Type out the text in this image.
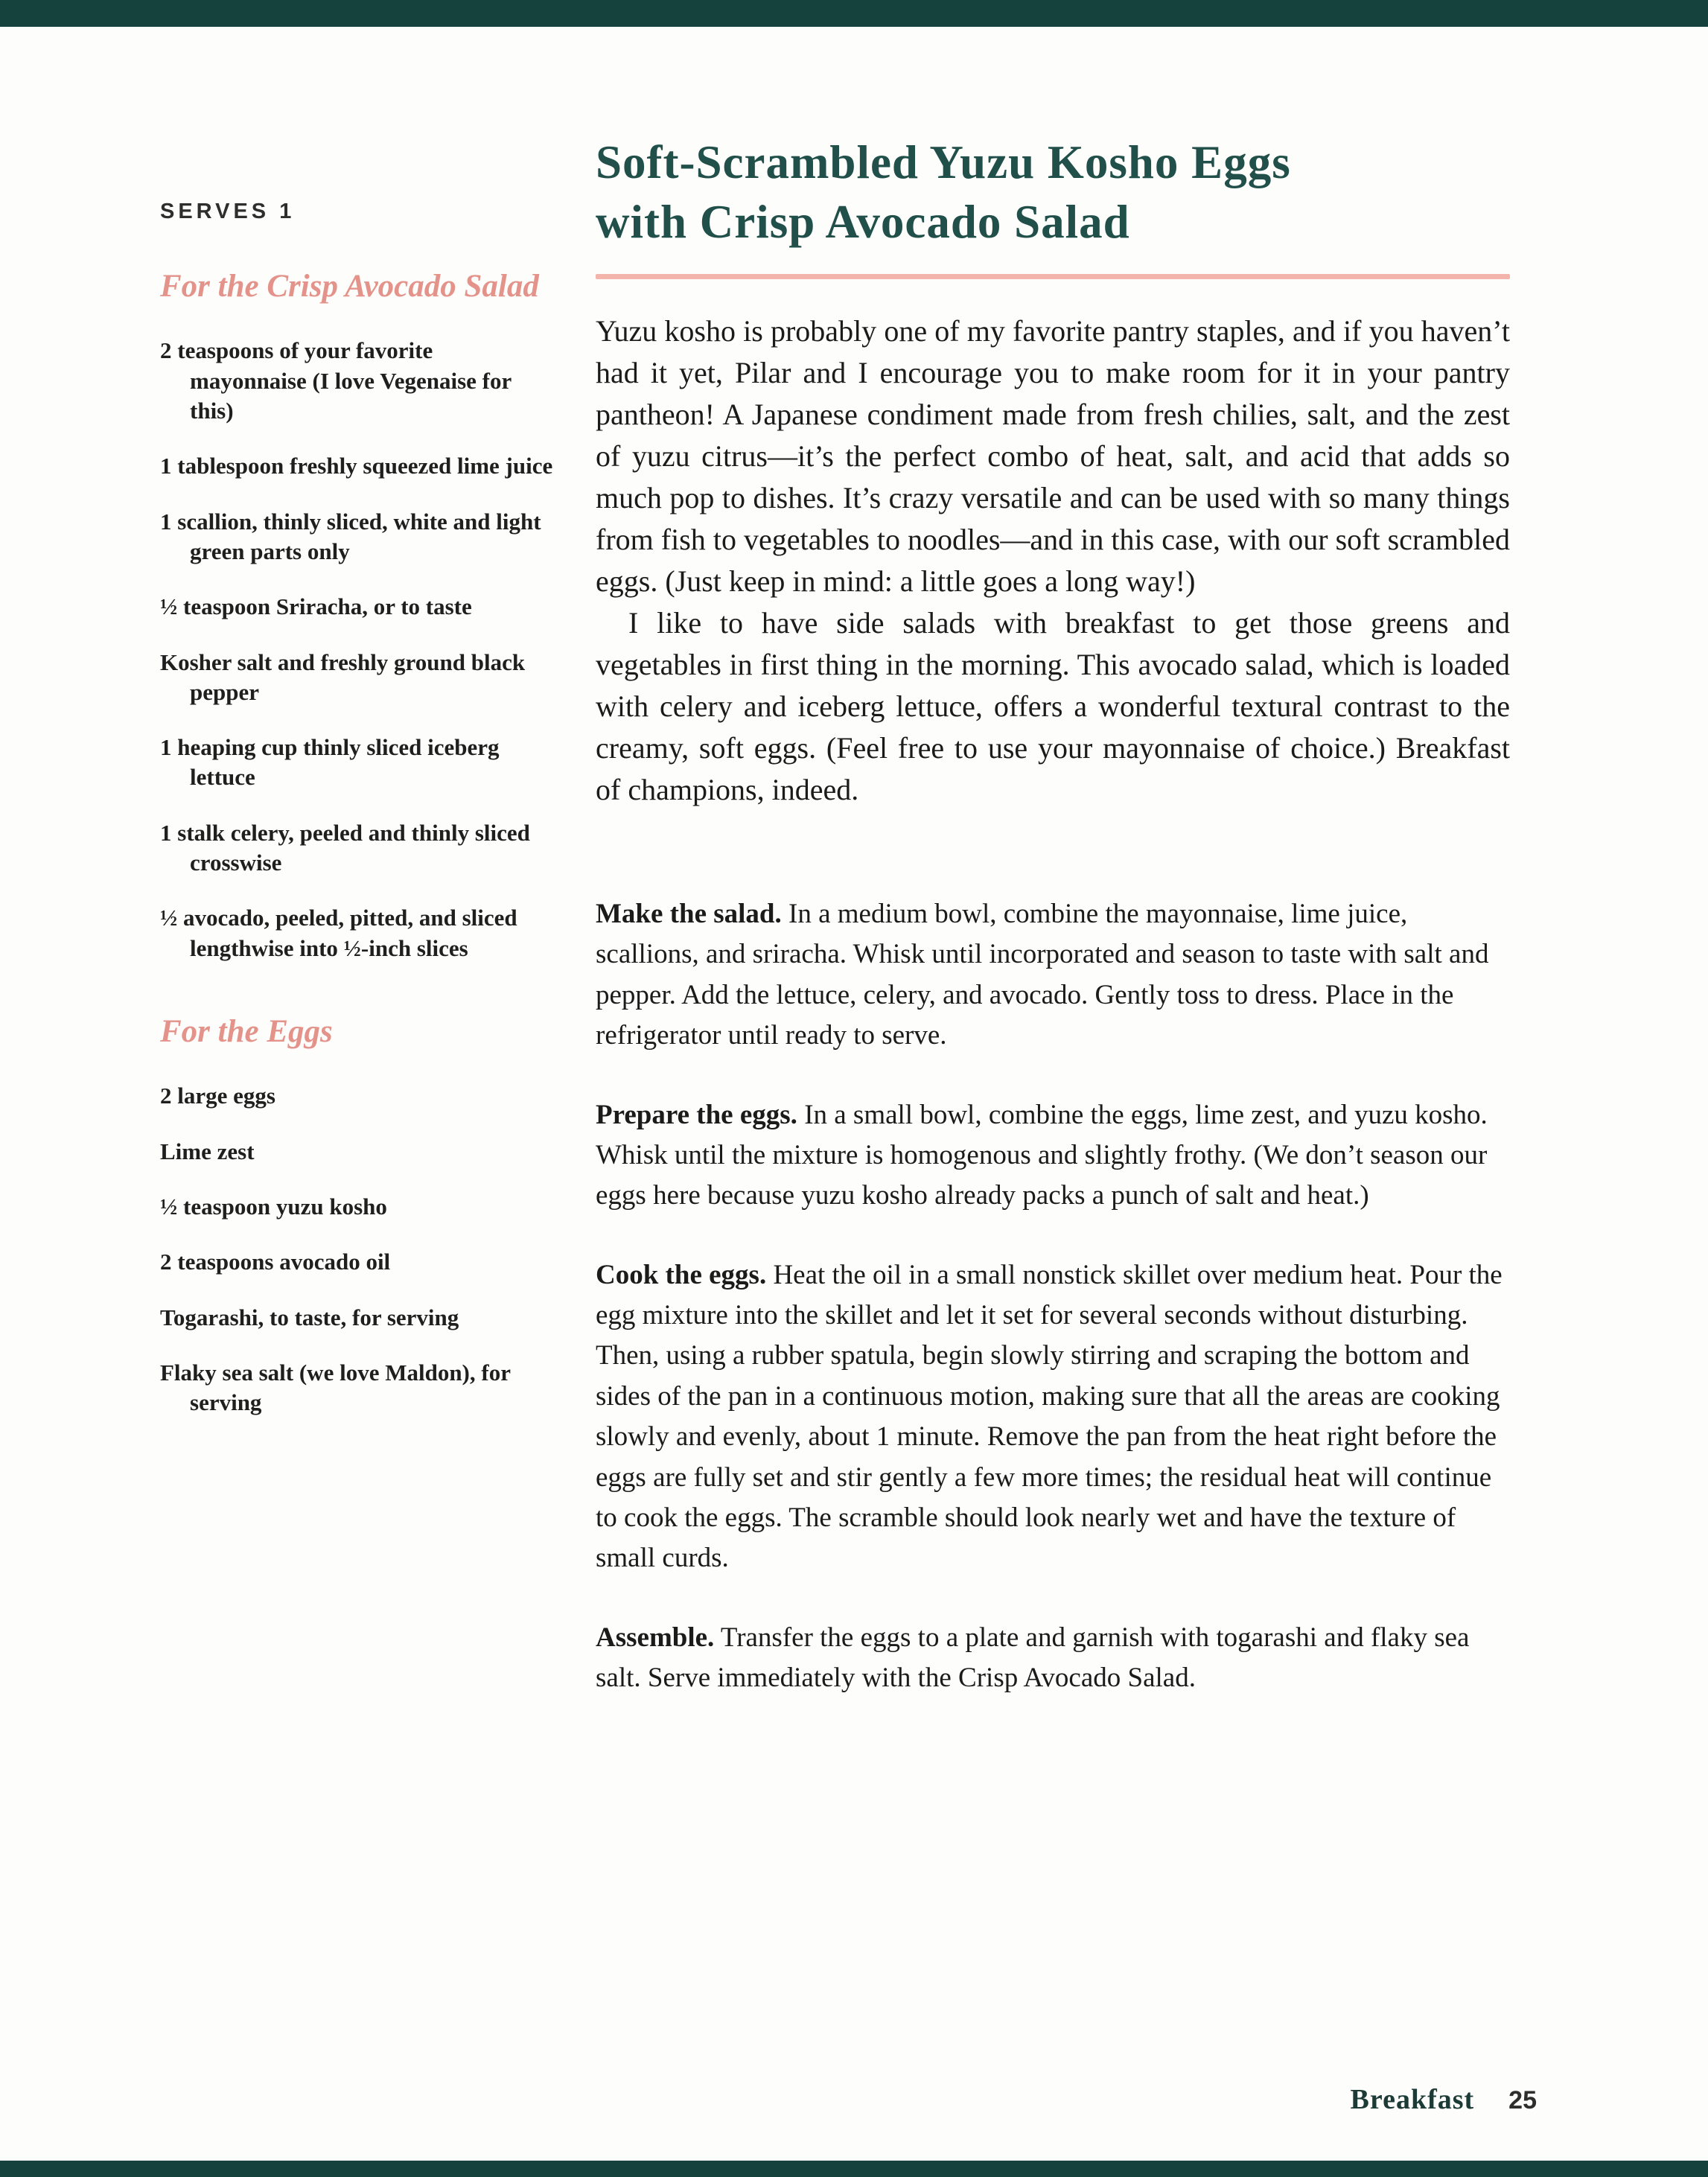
SERVES 1
For the Crisp Avocado Salad
2 teaspoons of your favorite mayonnaise (I love Vegenaise for this)
1 tablespoon freshly squeezed lime juice
1 scallion, thinly sliced, white and light green parts only
½ teaspoon Sriracha, or to taste
Kosher salt and freshly ground black pepper
1 heaping cup thinly sliced iceberg lettuce
1 stalk celery, peeled and thinly sliced crosswise
½ avocado, peeled, pitted, and sliced lengthwise into ½-inch slices
For the Eggs
2 large eggs
Lime zest
½ teaspoon yuzu kosho
2 teaspoons avocado oil
Togarashi, to taste, for serving
Flaky sea salt (we love Maldon), for serving
Soft-Scrambled Yuzu Kosho Eggs
with Crisp Avocado Salad

Yuzu kosho is probably one of my favorite pantry staples, and if you haven’t had it yet, Pilar and I encourage you to make room for it in your pantry pantheon! A Japanese condiment made from fresh chilies, salt, and the zest of yuzu citrus—it’s the perfect combo of heat, salt, and acid that adds so much pop to dishes. It’s crazy versatile and can be used with so many things from fish to vegetables to noodles—and in this case, with our soft scrambled eggs. (Just keep in mind: a little goes a long way!)

I like to have side salads with breakfast to get those greens and vegetables in first thing in the morning. This avocado salad, which is loaded with celery and iceberg lettuce, offers a wonderful textural contrast to the creamy, soft eggs. (Feel free to use your mayonnaise of choice.) Breakfast of champions, indeed.

Make the salad. In a medium bowl, combine the mayonnaise, lime juice, scallions, and sriracha. Whisk until incorporated and season to taste with salt and pepper. Add the lettuce, celery, and avocado. Gently toss to dress. Place in the refrigerator until ready to serve.

Prepare the eggs. In a small bowl, combine the eggs, lime zest, and yuzu kosho. Whisk until the mixture is homogenous and slightly frothy. (We don’t season our eggs here because yuzu kosho already packs a punch of salt and heat.)

Cook the eggs. Heat the oil in a small nonstick skillet over medium heat. Pour the egg mixture into the skillet and let it set for several seconds without disturbing. Then, using a rubber spatula, begin slowly stirring and scraping the bottom and sides of the pan in a continuous motion, making sure that all the areas are cooking slowly and evenly, about 1 minute. Remove the pan from the heat right before the eggs are fully set and stir gently a few more times; the residual heat will continue to cook the eggs. The scramble should look nearly wet and have the texture of small curds.

Assemble. Transfer the eggs to a plate and garnish with togarashi and flaky sea salt. Serve immediately with the Crisp Avocado Salad.

Breakfast 25
